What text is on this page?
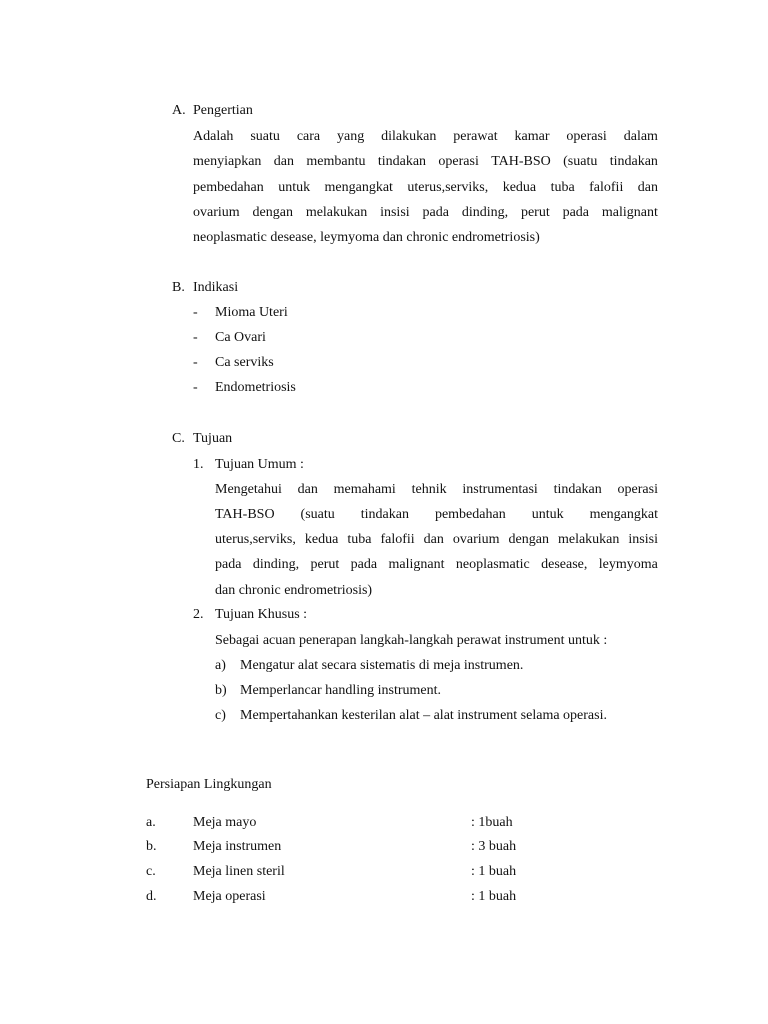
A. Pengertian
Adalah suatu cara yang dilakukan perawat kamar operasi dalam
menyiapkan dan membantu tindakan operasi TAH-BSO (suatu tindakan
pembedahan untuk mengangkat uterus,serviks, kedua tuba falofii dan
ovarium dengan melakukan insisi pada dinding, perut pada malignant
neoplasmatic desease, leymyoma dan chronic endrometriosis)
B. Indikasi
- Mioma Uteri
- Ca Ovari
- Ca serviks
- Endometriosis
C. Tujuan
1. Tujuan Umum :
Mengetahui dan memahami tehnik instrumentasi tindakan operasi
TAH-BSO (suatu tindakan pembedahan untuk mengangkat
uterus,serviks, kedua tuba falofii dan ovarium dengan melakukan insisi
pada dinding, perut pada malignant neoplasmatic desease, leymyoma
dan chronic endrometriosis)
2. Tujuan Khusus :
Sebagai acuan penerapan langkah-langkah perawat instrument untuk :
a) Mengatur alat secara sistematis di meja instrumen.
b) Memperlancar handling instrument.
c) Mempertahankan kesterilan alat – alat instrument selama operasi.
Persiapan Lingkungan
a.	Meja mayo	: 1buah
b.	Meja instrumen	: 3 buah
c.	Meja linen steril	: 1 buah
d.	Meja operasi	: 1 buah
